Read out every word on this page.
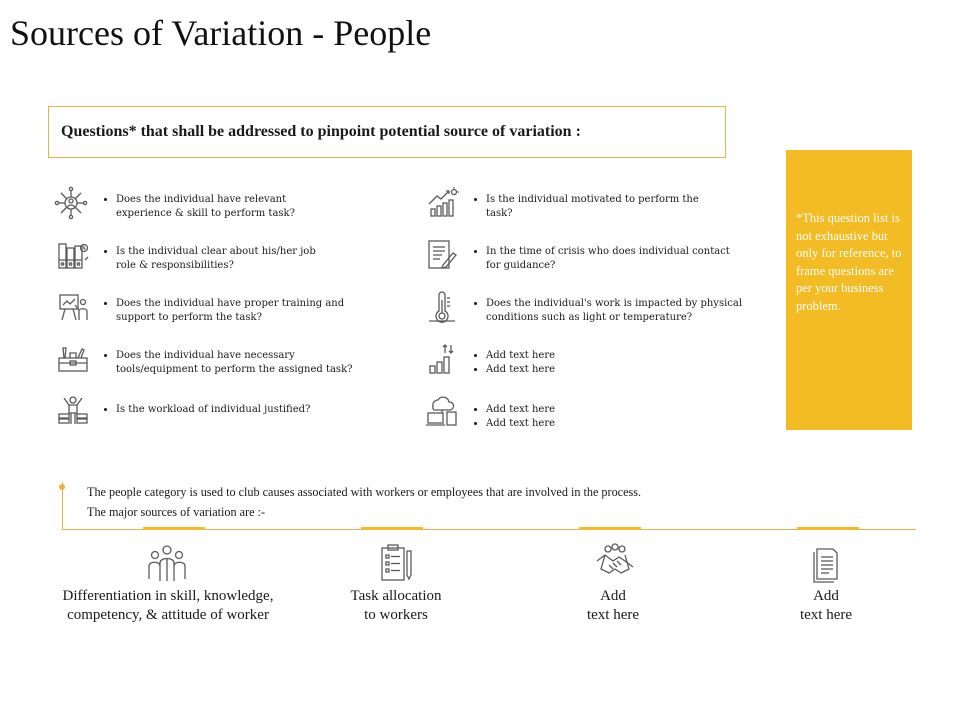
Sources of Variation - People
Questions* that shall be addressed to pinpoint potential source of variation :
*This question list is not exhaustive but only for reference, to frame questions are per your business problem.
• Does the individual have relevant
experience & skill to perform task?
• Is the individual clear about his/her job
role & responsibilities?
• Does the individual have proper training and
support to perform the task?
• Does the individual have necessary
tools/equipment to perform the assigned task?
• Is the workload of individual justified?
• Is the individual motivated to perform the
task?
• In the time of crisis who does individual contact
for guidance?
• Does the individual's work is impacted by physical
conditions such as light or temperature?
• Add text here
• Add text here
• Add text here
• Add text here
The people category is used to club causes associated with workers or employees that are involved in the process.
The major sources of variation are :-
Differentiation in skill, knowledge, competency, & attitude of worker
Task allocation
to workers
Add
text here
Add
text here
